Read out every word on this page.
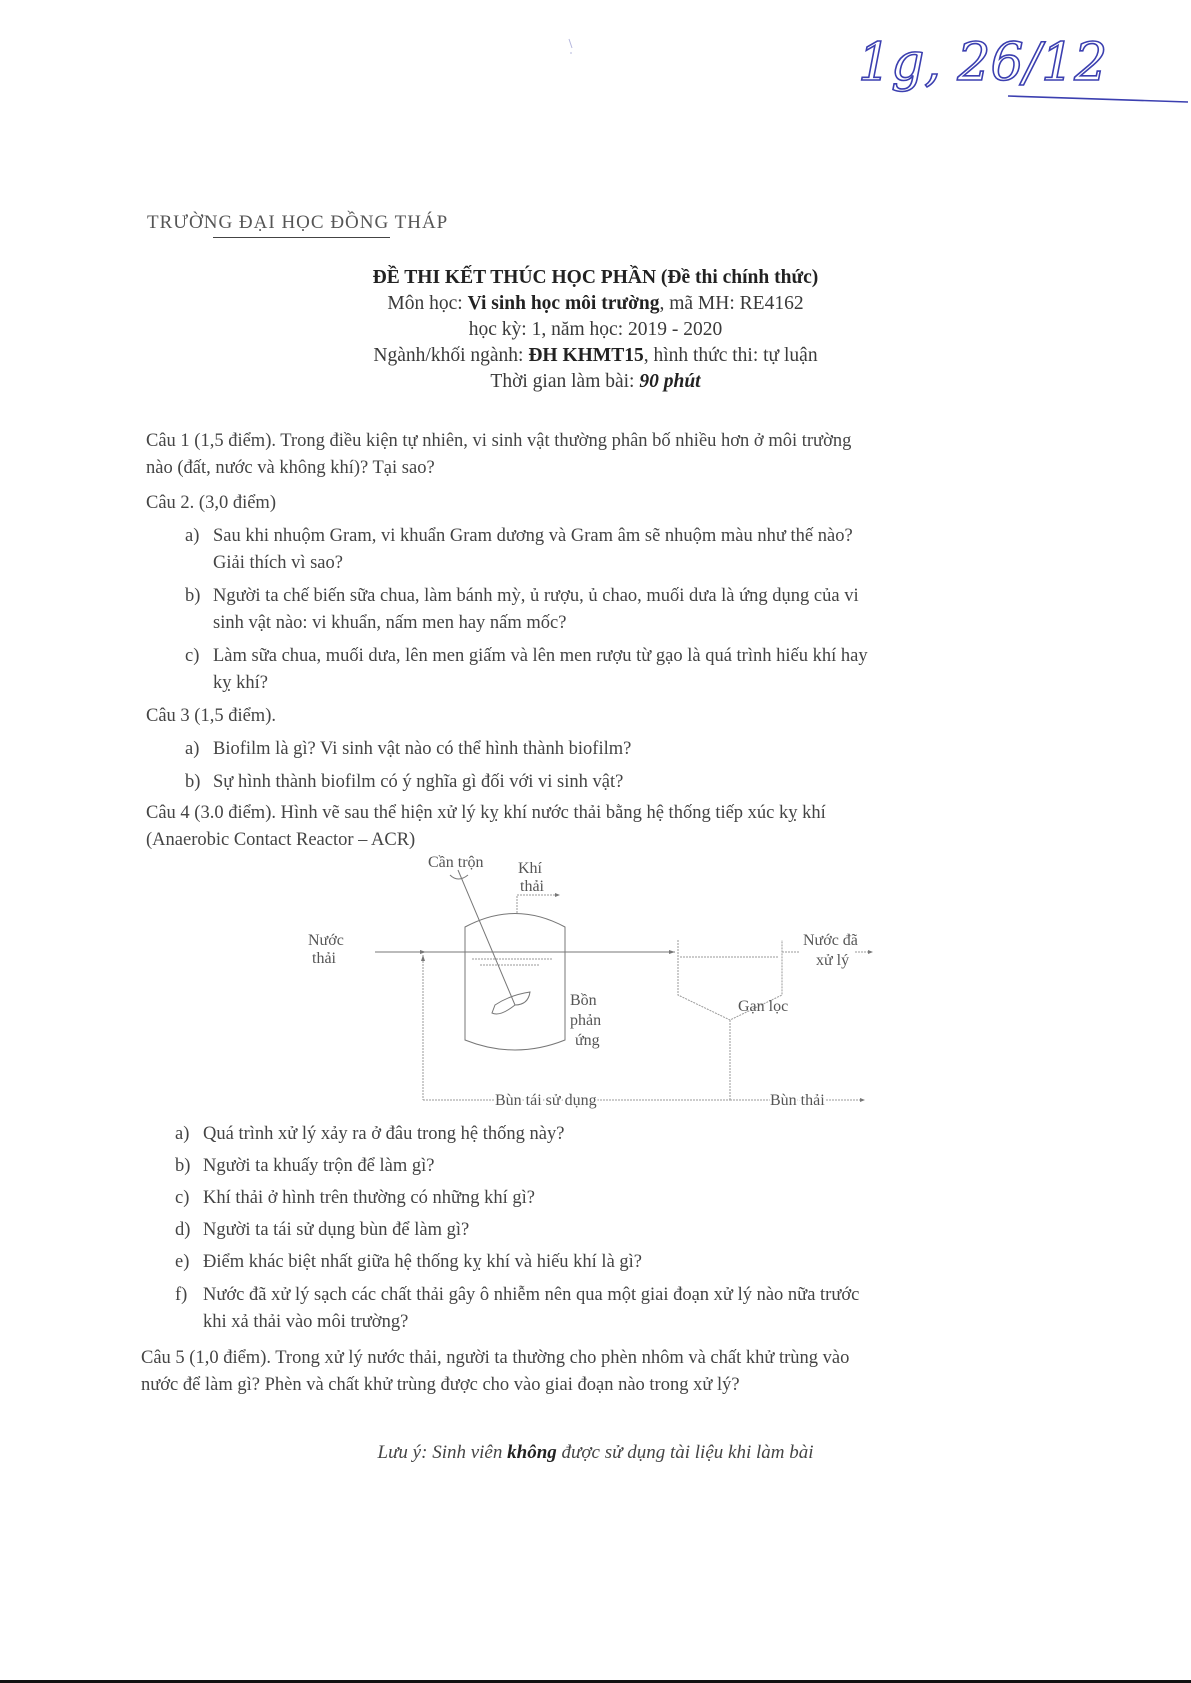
1g, 26/12
TRƯỜNG ĐẠI HỌC ĐỒNG THÁP
ĐỀ THI KẾT THÚC HỌC PHẦN (Đề thi chính thức)
Môn học: Vi sinh học môi trường, mã MH: RE4162
học kỳ: 1, năm học: 2019 - 2020
Ngành/khối ngành: ĐH KHMT15, hình thức thi: tự luận
Thời gian làm bài: 90 phút
Câu 1 (1,5 điểm). Trong điều kiện tự nhiên, vi sinh vật thường phân bố nhiều hơn ở môi trường
nào (đất, nước và không khí)? Tại sao?
Câu 2. (3,0 điểm)
a) Sau khi nhuộm Gram, vi khuẩn Gram dương và Gram âm sẽ nhuộm màu như thế nào?
Giải thích vì sao?
b) Người ta chế biến sữa chua, làm bánh mỳ, ủ rượu, ủ chao, muối dưa là ứng dụng của vi
sinh vật nào: vi khuẩn, nấm men hay nấm mốc?
c) Làm sữa chua, muối dưa, lên men giấm và lên men rượu từ gạo là quá trình hiếu khí hay
kỵ khí?
Câu 3 (1,5 điểm).
a) Biofilm là gì? Vi sinh vật nào có thể hình thành biofilm?
b) Sự hình thành biofilm có ý nghĩa gì đối với vi sinh vật?
Câu 4 (3.0 điểm). Hình vẽ sau thể hiện xử lý kỵ khí nước thải bằng hệ thống tiếp xúc kỵ khí
(Anaerobic Contact Reactor – ACR)
Cần trộn Khí
thải
Nước
thải
Nước đã
xử lý
Bồn
phản
ứng
Gạn lọc
Bùn tái sử dụng	Bùn thải
a) Quá trình xử lý xảy ra ở đâu trong hệ thống này?
b) Người ta khuấy trộn để làm gì?
c) Khí thải ở hình trên thường có những khí gì?
d) Người ta tái sử dụng bùn để làm gì?
e) Điểm khác biệt nhất giữa hệ thống kỵ khí và hiếu khí là gì?
f) Nước đã xử lý sạch các chất thải gây ô nhiễm nên qua một giai đoạn xử lý nào nữa trước
khi xả thải vào môi trường?
Câu 5 (1,0 điểm). Trong xử lý nước thải, người ta thường cho phèn nhôm và chất khử trùng vào
nước để làm gì? Phèn và chất khử trùng được cho vào giai đoạn nào trong xử lý?
Lưu ý: Sinh viên không được sử dụng tài liệu khi làm bài
